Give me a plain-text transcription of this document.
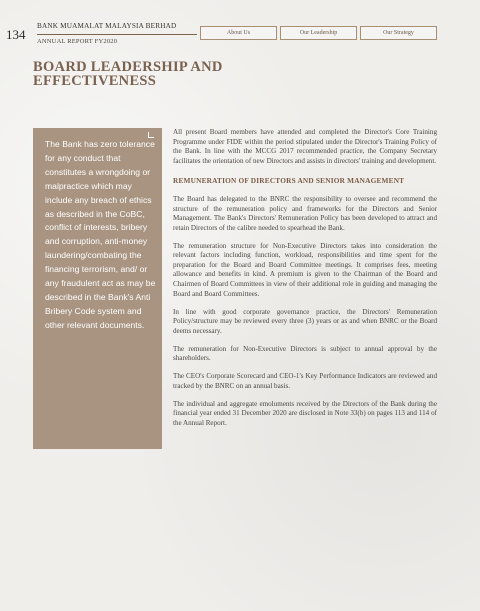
134
BANK MUAMALAT MALAYSIA BERHAD
ANNUAL REPORT FY2020
About Us	Our Leadership	Our Strategy
BOARD LEADERSHIP AND EFFECTIVENESS
The Bank has zero tolerance for any conduct that constitutes a wrongdoing or malpractice which may include any breach of ethics as described in the CoBC, conflict of interests, bribery and corruption, anti-money laundering/combating the financing terrorism, and/ or any fraudulent act as may be described in the Bank's Anti Bribery Code system and other relevant documents.

All present Board members have attended and completed the Director's Core Training Programme under FIDE within the period stipulated under the Director's Training Policy of the Bank. In line with the MCCG 2017 recommended practice, the Company Secretary facilitates the orientation of new Directors and assists in directors' training and development.

REMUNERATION OF DIRECTORS AND SENIOR MANAGEMENT

The Board has delegated to the BNRC the responsibility to oversee and recommend the structure of the remuneration policy and frameworks for the Directors and Senior Management. The Bank's Directors' Remuneration Policy has been developed to attract and retain Directors of the calibre needed to spearhead the Bank.

The remuneration structure for Non-Executive Directors takes into consideration the relevant factors including function, workload, responsibilities and time spent for the preparation for the Board and Board Committee meetings. It comprises fees, meeting allowance and benefits in kind. A premium is given to the Chairman of the Board and Chairmen of Board Committees in view of their additional role in guiding and managing the Board and Board Committees.

In line with good corporate governance practice, the Directors' Remuneration Policy/structure may be reviewed every three (3) years or as and when BNRC or the Board deems necessary.

The remuneration for Non-Executive Directors is subject to annual approval by the shareholders.

The CEO's Corporate Scorecard and CEO-1's Key Performance Indicators are reviewed and tracked by the BNRC on an annual basis.

The individual and aggregate emoluments received by the Directors of the Bank during the financial year ended 31 December 2020 are disclosed in Note 33(b) on pages 113 and 114 of the Annual Report.
